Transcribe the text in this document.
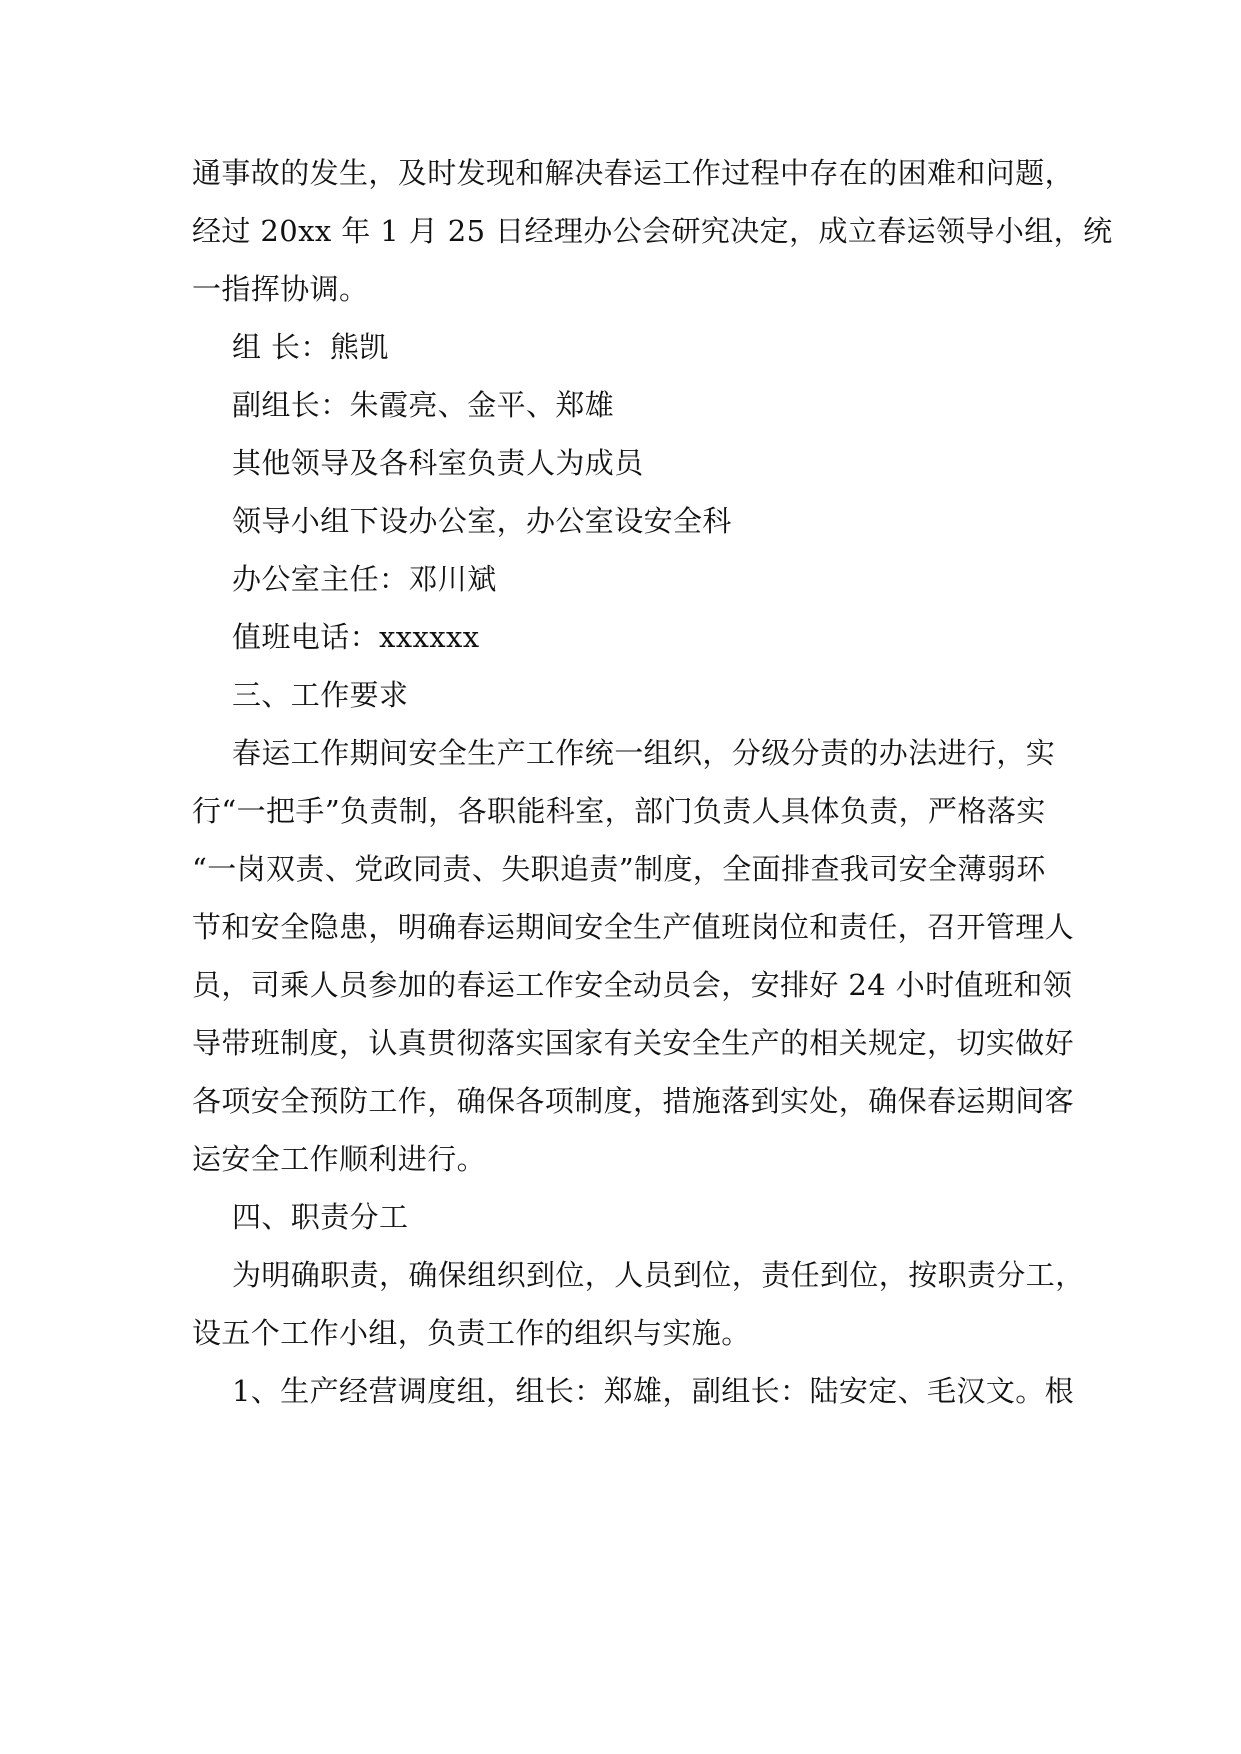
通事故的发生，及时发现和解决春运工作过程中存在的困难和问题，
经过 20xx 年 1 月 25 日经理办公会研究决定，成立春运领导小组，统
一指挥协调。
组 长：熊凯
副组长：朱霞亮、金平、郑雄
其他领导及各科室负责人为成员
领导小组下设办公室，办公室设安全科
办公室主任：邓川斌
值班电话：xxxxxx
三、工作要求
春运工作期间安全生产工作统一组织，分级分责的办法进行，实
行“一把手”负责制，各职能科室，部门负责人具体负责，严格落实
“一岗双责、党政同责、失职追责”制度，全面排查我司安全薄弱环
节和安全隐患，明确春运期间安全生产值班岗位和责任，召开管理人
员，司乘人员参加的春运工作安全动员会，安排好 24 小时值班和领
导带班制度，认真贯彻落实国家有关安全生产的相关规定，切实做好
各项安全预防工作，确保各项制度，措施落到实处，确保春运期间客
运安全工作顺利进行。
四、职责分工
为明确职责，确保组织到位，人员到位，责任到位，按职责分工，
设五个工作小组，负责工作的组织与实施。
1、生产经营调度组，组长：郑雄，副组长：陆安定、毛汉文。根
